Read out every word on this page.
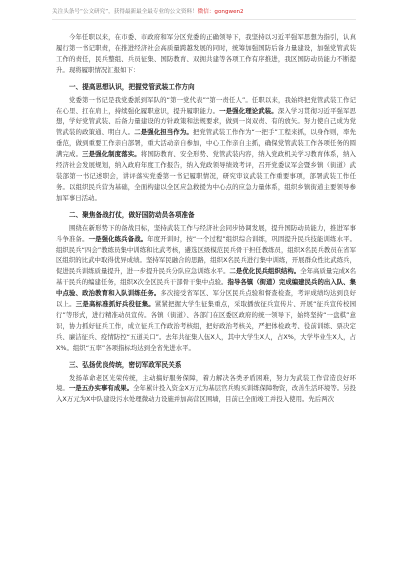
关注头条号“公文研究”，获得最新最全最专业的公文资料！微信：gongwen2

今年任职以来，在市委、市政府和军分区党委的正确领导下，我坚持以习近平强军思想为指引，认真履行第一书记职责，在推进经济社会高质量跨越发展的同时，统筹加强国防后备力量建设，加强党管武装工作的责任，民兵整组、兵员征集、国防教育、双拥共建等各项工作有序推进，我区国防动员能力不断提升。现将履职情况汇报如下：

一、提高思想认识，把握党管武装工作方向

党委第一书记是我党委派到军队的“第一党代表”“第一责任人”。任职以来，我始终把党管武装工作记在心里、扛在肩上，持续强化履职意识，提升履职能力。一是强化理论武装。深入学习贯彻习近平强军思想，学好党管武装、后备力量建设的方针政策和法规要求，做到一岗双责、有的放矢。努力使自己成为党管武装的政策通、明白人。二是强化担当作为。把党管武装工作作为“一把手”工程来抓，以身作则，率先垂范，做到重要工作亲自部署，重大活动亲自参加，中心工作亲自主抓，确保党管武装工作各项任务的圆满完成。三是强化制度落实。将国防教育、安全形势、党管武装内容，纳入党政机关学习教育体系，纳入经济社会发展规划，纳入政府年度工作报告，纳入党政领导绩效考评，召开党委议军会暨乡镇（街道）武装部第一书记述职会，讲评落实党委第一书记履职情况，研究审议武装工作重要事项，部署武装工作任务。以组织民兵营为基础，全面构建以全区应急救援为中心点的应急力量体系，组织乡镇街道主要领导参加军事日活动。

二、聚焦备战打仗，做好国防动员各项准备

围绕在新形势下的备战目标，坚持武装工作与经济社会同步协调发展，提升国防动员能力，推进军事斗争准备。一是强化练兵备战。年度开训时，按“一个过程”组织综合训练，巩固提升民兵技能训练水平。组织民兵“四会”教练员集中训练和比武考核，遴选区级模范民兵骨干担任教练员，组织X名民兵教员在省军区组织的比武中取得优异成绩。坚持军民融合的思路，组织X名民兵进行集中训练，开展群众性比武练兵，促进民兵训练质量提升，进一步提升民兵分队应急训练水平。二是优化民兵组织结构。全年高质量完成X名基干民兵的编建任务，组织X次全区民兵干部骨干集中点验。指导各镇（街道）完成编建民兵的出入队、集中点验、政治教育和入队训练任务。多次接受省军区、军分区民兵点验和督查检查，考评成绩均达到良好以上。三是高标准抓好兵役征集。紧紧把握大学生征集重点，采取播放征兵宣传片、开展“征兵宣传校园行”等形式，进行精准动员宣传。各镇（街道）、各部门在区委区政府的统一领导下，始终坚持“一盘棋”意识，协力抓好征兵工作，成立征兵工作政治考核组，把好政治考核关，严把体检政考、役前训练、票决定兵、廉洁征兵、疫情防控“五道关口”。去年共征集人伍X人，其中大学生X人，占X%，大学毕业生X人，占X%。组织“五率”各项指标均达到全省先进水平。

三、弘扬优良传统，密切军政军民关系

发扬革命老区光荣传统，主动搞好服务保障，着力解决各类矛盾困难，努力为武装工作营造良好环境。一是五办实事有成果。全年累计投入资金X万元为基层官兵购买训练保障物资，改善生活环境等。另投入X万元为X中队建设污水处理微动力设施并加高营区围墙，目前已全面竣工并投入使用。先后两次
